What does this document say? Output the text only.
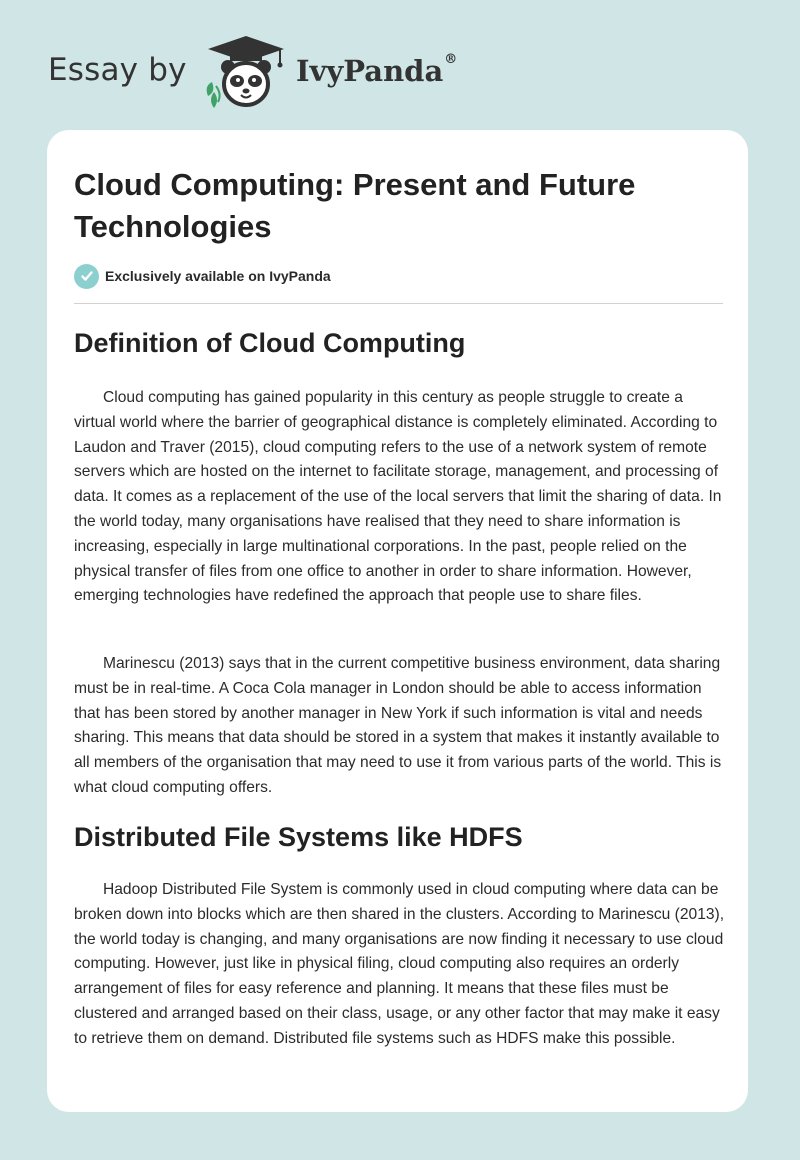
Essay by	IvyPanda®
Cloud Computing: Present and Future Technologies
Exclusively available on IvyPanda
Definition of Cloud Computing

Cloud computing has gained popularity in this century as people struggle to create a virtual world where the barrier of geographical distance is completely eliminated. According to Laudon and Traver (2015), cloud computing refers to the use of a network system of remote servers which are hosted on the internet to facilitate storage, management, and processing of data. It comes as a replacement of the use of the local servers that limit the sharing of data. In the world today, many organisations have realised that they need to share information is increasing, especially in large multinational corporations. In the past, people relied on the physical transfer of files from one office to another in order to share information. However, emerging technologies have redefined the approach that people use to share files.

Marinescu (2013) says that in the current competitive business environment, data sharing must be in real-time. A Coca Cola manager in London should be able to access information that has been stored by another manager in New York if such information is vital and needs sharing. This means that data should be stored in a system that makes it instantly available to all members of the organisation that may need to use it from various parts of the world. This is what cloud computing offers.

Distributed File Systems like HDFS

Hadoop Distributed File System is commonly used in cloud computing where data can be broken down into blocks which are then shared in the clusters. According to Marinescu (2013), the world today is changing, and many organisations are now finding it necessary to use cloud computing. However, just like in physical filing, cloud computing also requires an orderly arrangement of files for easy reference and planning. It means that these files must be clustered and arranged based on their class, usage, or any other factor that may make it easy to retrieve them on demand. Distributed file systems such as HDFS make this possible.
